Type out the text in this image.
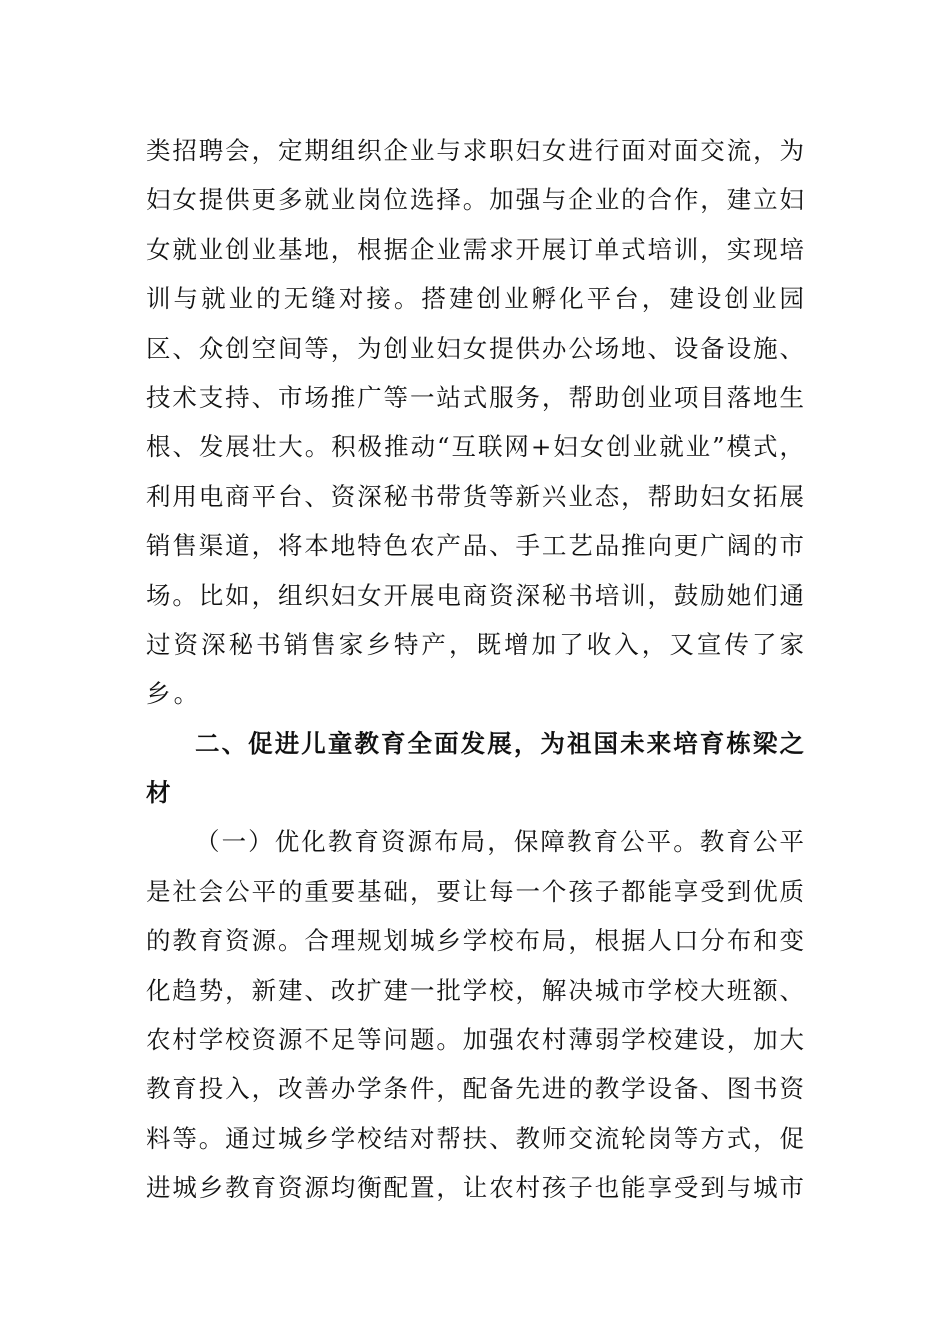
类招聘会，定期组织企业与求职妇女进行面对面交流，为
妇女提供更多就业岗位选择。加强与企业的合作，建立妇
女就业创业基地，根据企业需求开展订单式培训，实现培
训与就业的无缝对接。搭建创业孵化平台，建设创业园
区、众创空间等，为创业妇女提供办公场地、设备设施、
技术支持、市场推广等一站式服务，帮助创业项目落地生
根、发展壮大。积极推动“互联网+妇女创业就业”模式，
利用电商平台、资深秘书带货等新兴业态，帮助妇女拓展
销售渠道，将本地特色农产品、手工艺品推向更广阔的市
场。比如，组织妇女开展电商资深秘书培训，鼓励她们通
过资深秘书销售家乡特产，既增加了收入，又宣传了家
乡。
二、促进儿童教育全面发展，为祖国未来培育栋梁之
材
（一）优化教育资源布局，保障教育公平。教育公平
是社会公平的重要基础，要让每一个孩子都能享受到优质
的教育资源。合理规划城乡学校布局，根据人口分布和变
化趋势，新建、改扩建一批学校，解决城市学校大班额、
农村学校资源不足等问题。加强农村薄弱学校建设，加大
教育投入，改善办学条件，配备先进的教学设备、图书资
料等。通过城乡学校结对帮扶、教师交流轮岗等方式，促
进城乡教育资源均衡配置，让农村孩子也能享受到与城市
